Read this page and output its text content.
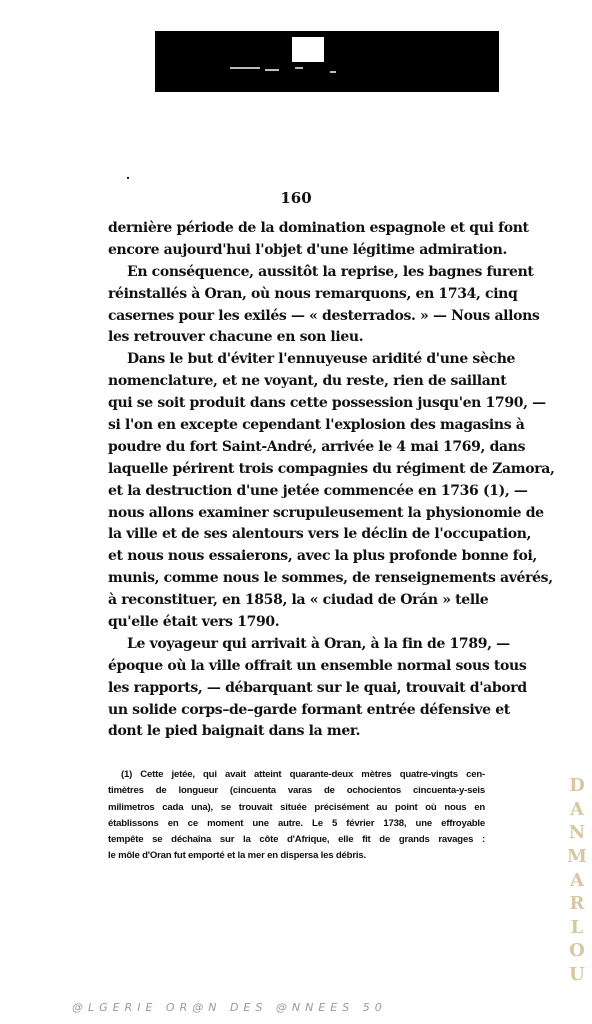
160
dernière période de la domination espagnole et qui font
encore aujourd'hui l'objet d'une légitime admiration.
En conséquence, aussitôt la reprise, les bagnes furent
réinstallés à Oran, où nous remarquons, en 1734, cinq
casernes pour les exilés — « desterrados. » — Nous allons
les retrouver chacune en son lieu.
Dans le but d'éviter l'ennuyeuse aridité d'une sèche
nomenclature, et ne voyant, du reste, rien de saillant
qui se soit produit dans cette possession jusqu'en 1790, —
si l'on en excepte cependant l'explosion des magasins à
poudre du fort Saint-André, arrivée le 4 mai 1769, dans
laquelle périrent trois compagnies du régiment de Zamora,
et la destruction d'une jetée commencée en 1736 (1), —
nous allons examiner scrupuleusement la physionomie de
la ville et de ses alentours vers le déclin de l'occupation,
et nous nous essaierons, avec la plus profonde bonne foi,
munis, comme nous le sommes, de renseignements avérés,
à reconstituer, en 1858, la « ciudad de Orán » telle
qu'elle était vers 1790.
Le voyageur qui arrivait à Oran, à la fin de 1789, —
époque où la ville offrait un ensemble normal sous tous
les rapports, — débarquant sur le quai, trouvait d'abord
un solide corps–de–garde formant entrée défensive et
dont le pied baignait dans la mer.
(1) Cette jetée, qui avait atteint quarante-deux mètres quatre-vingts cen-
timètres de longueur (cincuenta varas de ochocientos cincuenta-y-seis
milimetros cada una), se trouvait située précisément au point où nous en
établissons en ce moment une autre. Le 5 février 1738, une effroyable
tempête se déchaîna sur la côte d'Afrique, elle fit de grands ravages :
le môle d'Oran fut emporté et la mer en dispersa les débris.
D
A
N
M
A
R
L
O
U
@LGERIE OR@N DES @NNEES 50
